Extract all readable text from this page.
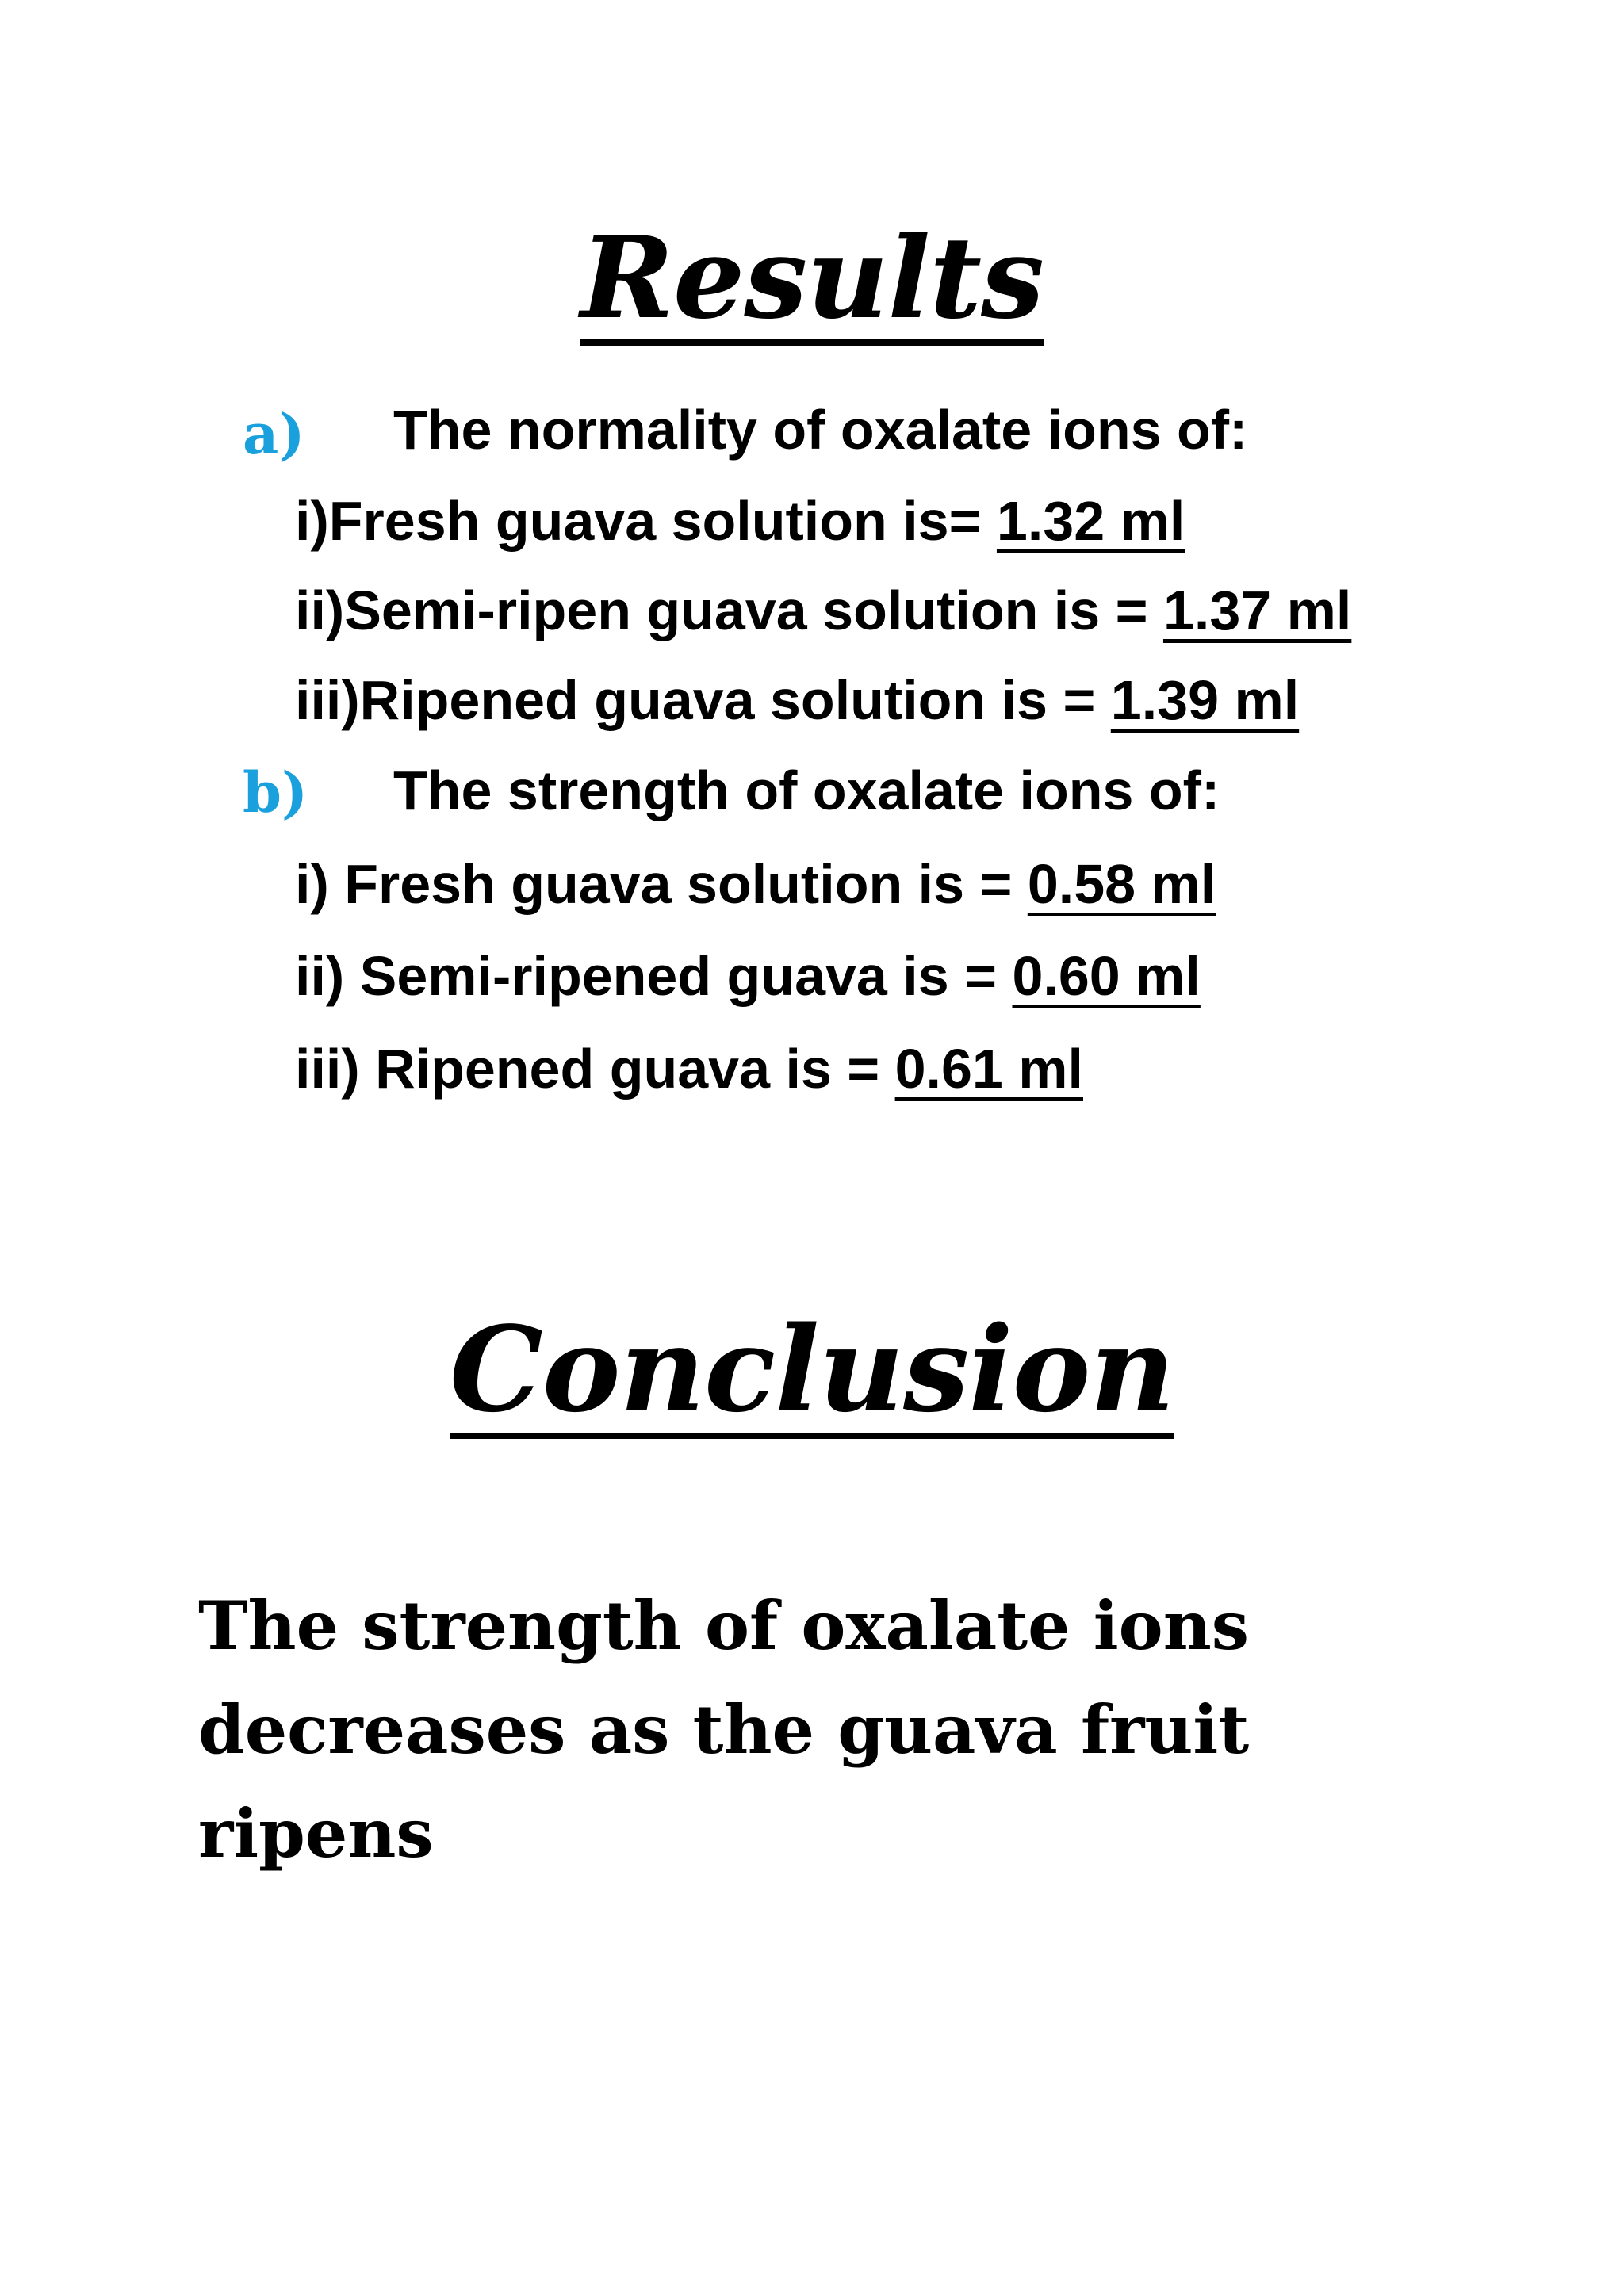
Results
a) The normality of oxalate ions of:
i)Fresh guava solution is= 1.32 ml
ii)Semi-ripen guava solution is = 1.37 ml
iii)Ripened guava solution is = 1.39 ml
b) The strength of oxalate ions of:
i) Fresh guava solution is = 0.58 ml
ii) Semi-ripened guava is = 0.60 ml
iii) Ripened guava is = 0.61 ml
Conclusion

The strength of oxalate ions decreases as the guava fruit ripens
